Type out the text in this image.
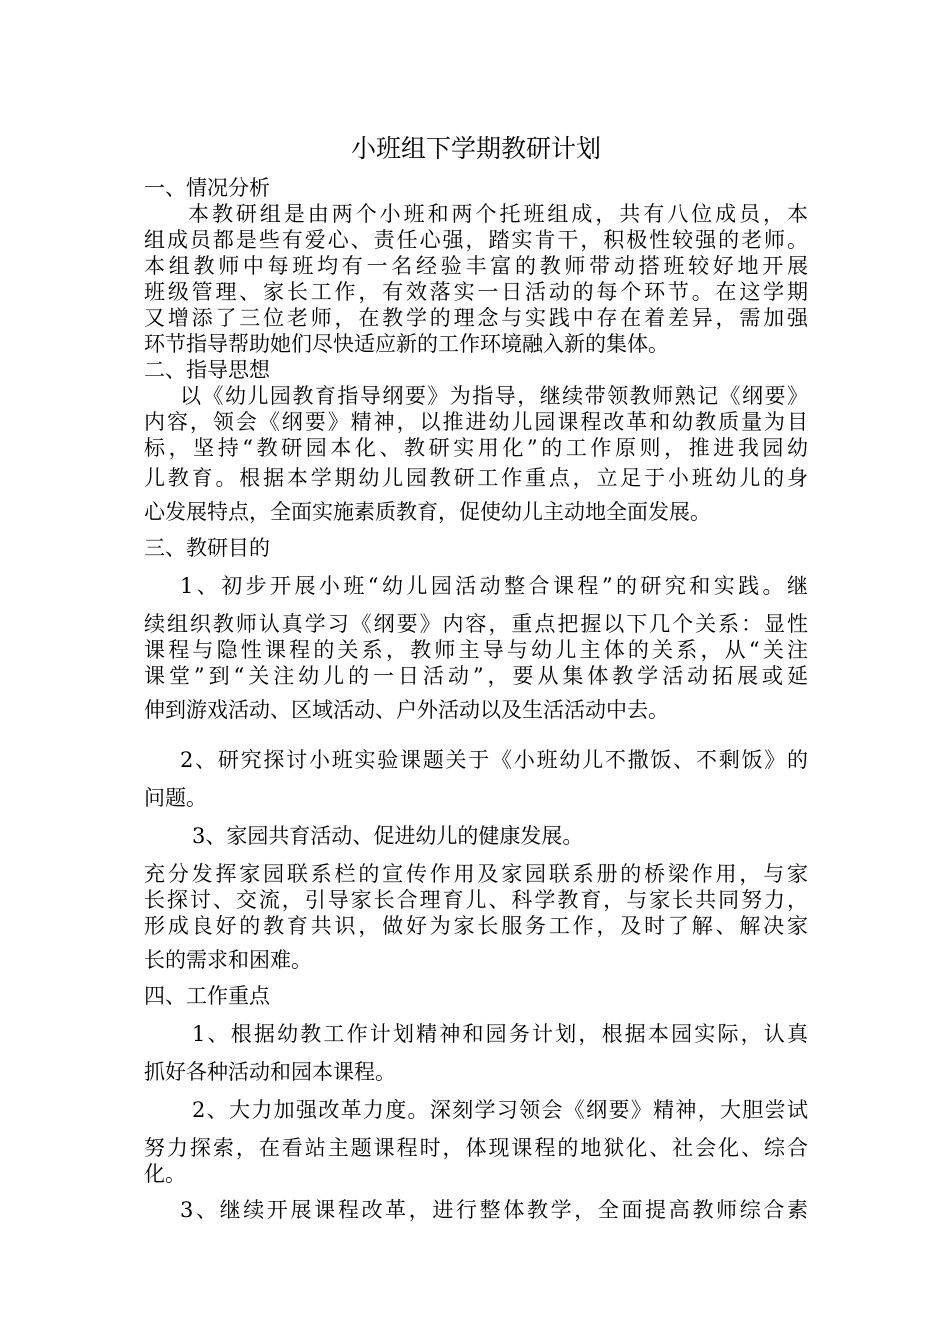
小班组下学期教研计划
一、情况分析
本教研组是由两个小班和两个托班组成，共有八位成员，本
组成员都是些有爱心、责任心强，踏实肯干，积极性较强的老师。
本组教师中每班均有一名经验丰富的教师带动搭班较好地开展
班级管理、家长工作，有效落实一日活动的每个环节。在这学期
又增添了三位老师，在教学的理念与实践中存在着差异，需加强
环节指导帮助她们尽快适应新的工作环境融入新的集体。
二、指导思想
以《幼儿园教育指导纲要》为指导，继续带领教师熟记《纲要》
内容，领会《纲要》精神，以推进幼儿园课程改革和幼教质量为目
标，坚持“教研园本化、教研实用化”的工作原则，推进我园幼
儿教育。根据本学期幼儿园教研工作重点，立足于小班幼儿的身
心发展特点，全面实施素质教育，促使幼儿主动地全面发展。
三、教研目的
1、初步开展小班“幼儿园活动整合课程”的研究和实践。继
续组织教师认真学习《纲要》内容，重点把握以下几个关系：显性
课程与隐性课程的关系，教师主导与幼儿主体的关系，从“关注
课堂”到“关注幼儿的一日活动”，要从集体教学活动拓展或延
伸到游戏活动、区域活动、户外活动以及生活活动中去。
2、研究探讨小班实验课题关于《小班幼儿不撒饭、不剩饭》的
问题。
3、家园共育活动、促进幼儿的健康发展。
充分发挥家园联系栏的宣传作用及家园联系册的桥梁作用，与家
长探讨、交流，引导家长合理育儿、科学教育，与家长共同努力，
形成良好的教育共识，做好为家长服务工作，及时了解、解决家
长的需求和困难。
四、工作重点
1、根据幼教工作计划精神和园务计划，根据本园实际，认真
抓好各种活动和园本课程。
2、大力加强改革力度。深刻学习领会《纲要》精神，大胆尝试
努力探索，在看站主题课程时，体现课程的地狱化、社会化、综合
化。
3、继续开展课程改革，进行整体教学，全面提高教师综合素
